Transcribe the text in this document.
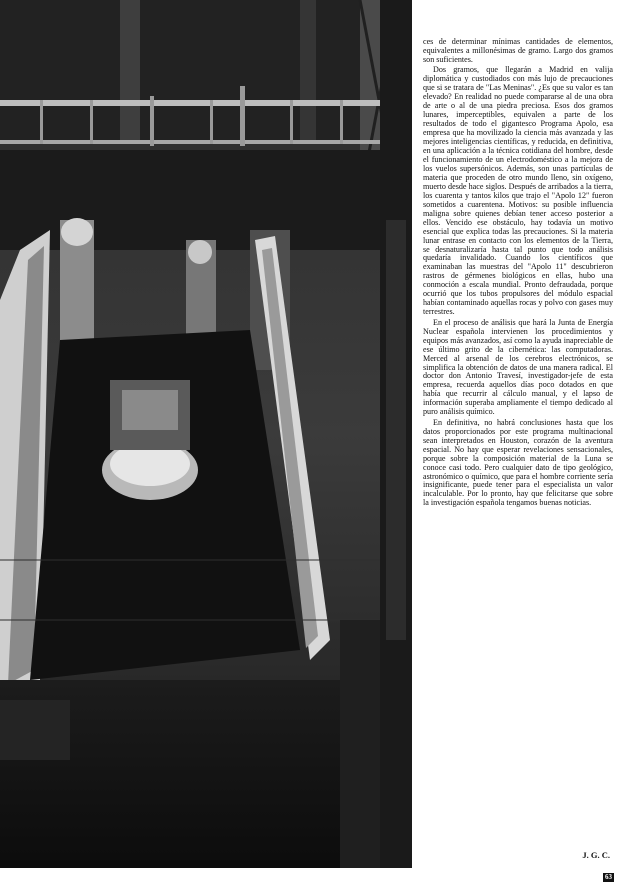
ces de determinar mínimas cantidades de elementos, equivalentes a millonésimas de gramo. Largo dos gramos son suficientes.

Dos gramos, que llegarán a Madrid en valija diplomática y custodiados con más lujo de precauciones que si se tratara de "Las Meninas". ¿Es que su valor es tan elevado? En realidad no puede compararse al de una obra de arte o al de una piedra preciosa. Esos dos gramos lunares, imperceptibles, equivalen a parte de los resultados de todo el gigantesco Programa Apolo, esa empresa que ha movilizado la ciencia más avanzada y las mejores inteligencias científicas, y reducida, en definitiva, en una aplicación a la técnica cotidiana del hombre, desde el funcionamiento de un electrodoméstico a la mejora de los vuelos supersónicos. Además, son unas partículas de materia que proceden de otro mundo lleno, sin oxígeno, muerto desde hace siglos. Después de arribados a la tierra, los cuarenta y tantos kilos que trajo el "Apolo 12" fueron sometidos a cuarentena. Motivos: su posible influencia maligna sobre quienes debían tener acceso posterior a ellos. Vencido ese obstáculo, hay todavía un motivo esencial que explica todas las precauciones. Si la materia lunar entrase en contacto con los elementos de la Tierra, se desnaturalizaría hasta tal punto que todo análisis quedaría invalidado. Cuando los científicos que examinaban las muestras del "Apolo 11" descubrieron rastros de gérmenes biológicos en ellas, hubo una conmoción a escala mundial. Pronto defraudada, porque ocurrió que los tubos propulsores del módulo espacial habían contaminado aquellas rocas y polvo con gases muy terrestres.

En el proceso de análisis que hará la Junta de Energía Nuclear española intervienen los procedimientos y equipos más avanzados, así como la ayuda inapreciable de ese último grito de la cibernética: las computadoras. Merced al arsenal de los cerebros electrónicos, se simplifica la obtención de datos de una manera radical. El doctor don Antonio Travesí, investigador-jefe de esta empresa, recuerda aquellos días poco dotados en que había que recurrir al cálculo manual, y el lapso de información superaba ampliamente el tiempo dedicado al puro análisis químico.

En definitiva, no habrá conclusiones hasta que los datos proporcionados por este programa multinacional sean interpretados en Houston, corazón de la aventura espacial. No hay que esperar revelaciones sensacionales, porque sobre la composición material de la Luna se conoce casi todo. Pero cualquier dato de tipo geológico, astronómico o químico, que para el hombre corriente sería insignificante, puede tener para el especialista un valor incalculable. Por lo pronto, hay que felicitarse que sobre la investigación española tengamos buenas noticias.

J. G. C.
63
